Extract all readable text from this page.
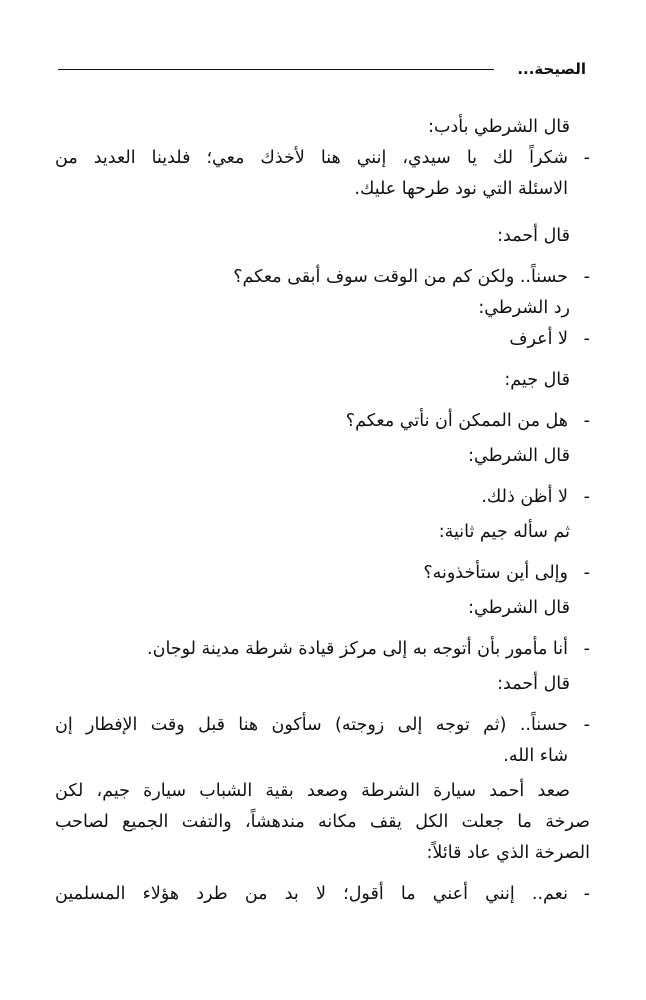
الصيحة...
قال الشرطي بأدب:
-
شكراً لك يا سيدي، إنني هنا لأخذك معي؛ فلدينا العديد من
الاسئلة التي نود طرحها عليك.
قال أحمد:
-
حسناً.. ولكن كم من الوقت سوف أبقى معكم؟
رد الشرطي:
-
لا أعرف
قال جيم:
-
هل من الممكن أن نأتي معكم؟
قال الشرطي:
-
لا أظن ذلك.
ثم سأله جيم ثانية:
-
وإلى أين ستأخذونه؟
قال الشرطي:
-
أنا مأمور بأن أتوجه به إلى مركز قيادة شرطة مدينة لوجان.
قال أحمد:
-
حسناً.. (ثم توجه إلى زوجته) سأكون هنا قبل وقت الإفطار إن
شاء الله.
صعد أحمد سيارة الشرطة وصعد بقية الشباب سيارة جيم، لكن
صرخة ما جعلت الكل يقف مكانه مندهشاً، والتفت الجميع لصاحب
الصرخة الذي عاد قائلاً:
-
نعم.. إنني أعني ما أقول؛ لا بد من طرد هؤلاء المسلمين
